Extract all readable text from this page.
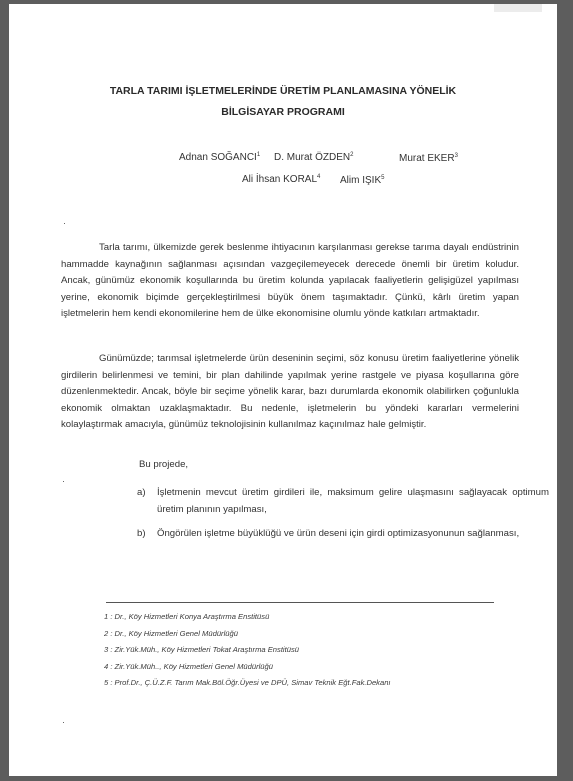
TARLA TARIMI İŞLETMELERİNDE ÜRETİM PLANLAMASINA YÖNELİK
BİLGİSAYAR PROGRAMI
Adnan SOĞANCI$^1$ D. Murat ÖZDEN$^2$	Murat EKER$^3$
Ali İhsan KORAL$^4$ Alim IŞIK$^5$

Tarla tarımı, ülkemizde gerek beslenme ihtiyacının karşılanması gerekse tarıma dayalı endüstrinin hammadde kaynağının sağlanması açısından vazgeçilemeyecek derecede önemli bir üretim koludur. Ancak, günümüz ekonomik koşullarında bu üretim kolunda yapılacak faaliyetlerin gelişigüzel yapılması yerine, ekonomik biçimde gerçekleştirilmesi büyük önem taşımaktadır. Çünkü, kârlı üretim yapan işletmelerin hem kendi ekonomilerine hem de ülke ekonomisine olumlu yönde katkıları artmaktadır.

Günümüzde; tarımsal işletmelerde ürün deseninin seçimi, söz konusu üretim faaliyetlerine yönelik girdilerin belirlenmesi ve temini, bir plan dahilinde yapılmak yerine rastgele ve piyasa koşullarına göre düzenlenmektedir. Ancak, böyle bir seçime yönelik karar, bazı durumlarda ekonomik olabilirken çoğunlukla ekonomik olmaktan uzaklaşmaktadır. Bu nedenle, işletmelerin bu yöndeki kararları vermelerini kolaylaştırmak amacıyla, günümüz teknolojisinin kullanılmaz kaçınılmaz hale gelmiştir.

Bu projede,

a) İşletmenin mevcut üretim girdileri ile, maksimum gelire ulaşmasını sağlayacak optimum üretim planının yapılması,

b) Öngörülen işletme büyüklüğü ve ürün deseni için girdi optimizasyonunun sağlanması,

1 : Dr., Köy Hizmetleri Konya Araştırma Enstitüsü
2 : Dr., Köy Hizmetleri Genel Müdürlüğü
3 : Zir.Yük.Müh., Köy Hizmetleri Tokat Araştırma Enstitüsü
4 : Zir.Yük.Müh.., Köy Hizmetleri Genel Müdürlüğü
5 : Prof.Dr., Ç.Ü.Z.F. Tarım Mak.Böl.Öğr.Üyesi ve DPÜ, Simav Teknik Eğt.Fak.Dekanı
